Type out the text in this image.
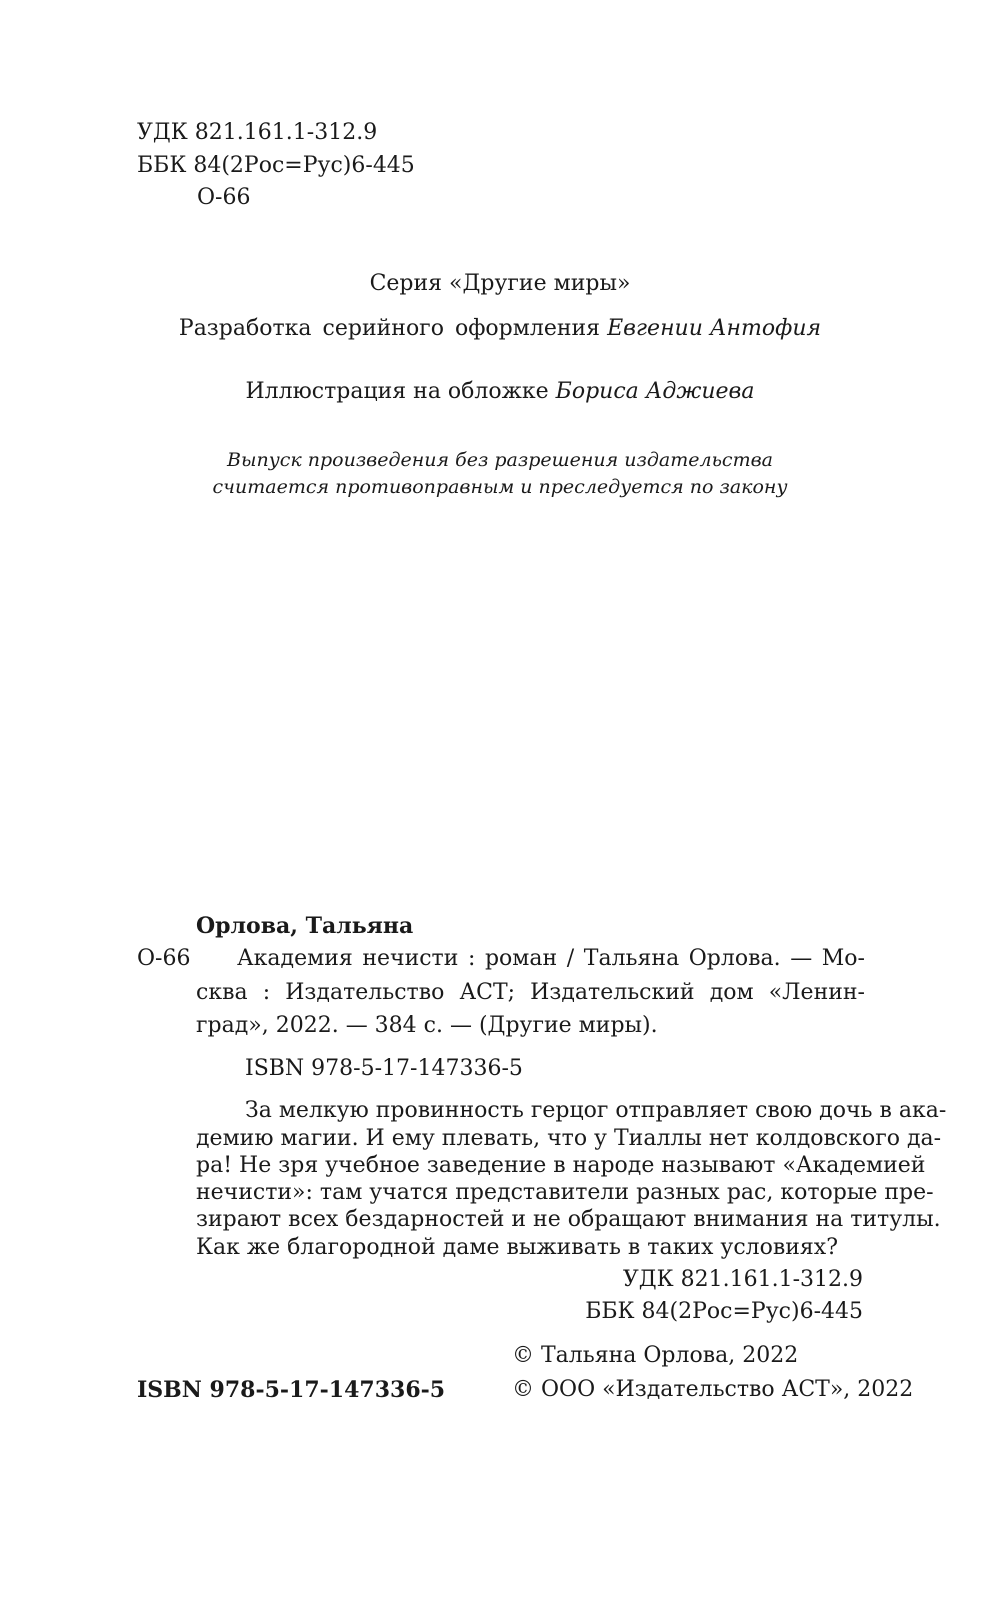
УДК 821.161.1-312.9
ББК 84(2Рос=Рус)6-445
О-66
Серия «Другие миры»
Разработка серийного оформления Евгении Антофия
Иллюстрация на обложке Бориса Аджиева
Выпуск произведения без разрешения издательства
считается противоправным и преследуется по закону
Орлова, Тальяна
О-66 Академия нечисти : роман / Тальяна Орлова. — Мо-
сква : Издательство АСТ; Издательский дом «Ленин-
град», 2022. — 384 с. — (Другие миры).
ISBN 978-5-17-147336-5
За мелкую провинность герцог отправляет свою дочь в ака-
демию магии. И ему плевать, что у Тиаллы нет колдовского да-
ра! Не зря учебное заведение в народе называют «Академией
нечисти»: там учатся представители разных рас, которые пре-
зирают всех бездарностей и не обращают внимания на титулы.
Как же благородной даме выживать в таких условиях?
УДК 821.161.1-312.9
ББК 84(2Рос=Рус)6-445
© Тальяна Орлова, 2022
ISBN 978-5-17-147336-5	© ООО «Издательство АСТ», 2022
